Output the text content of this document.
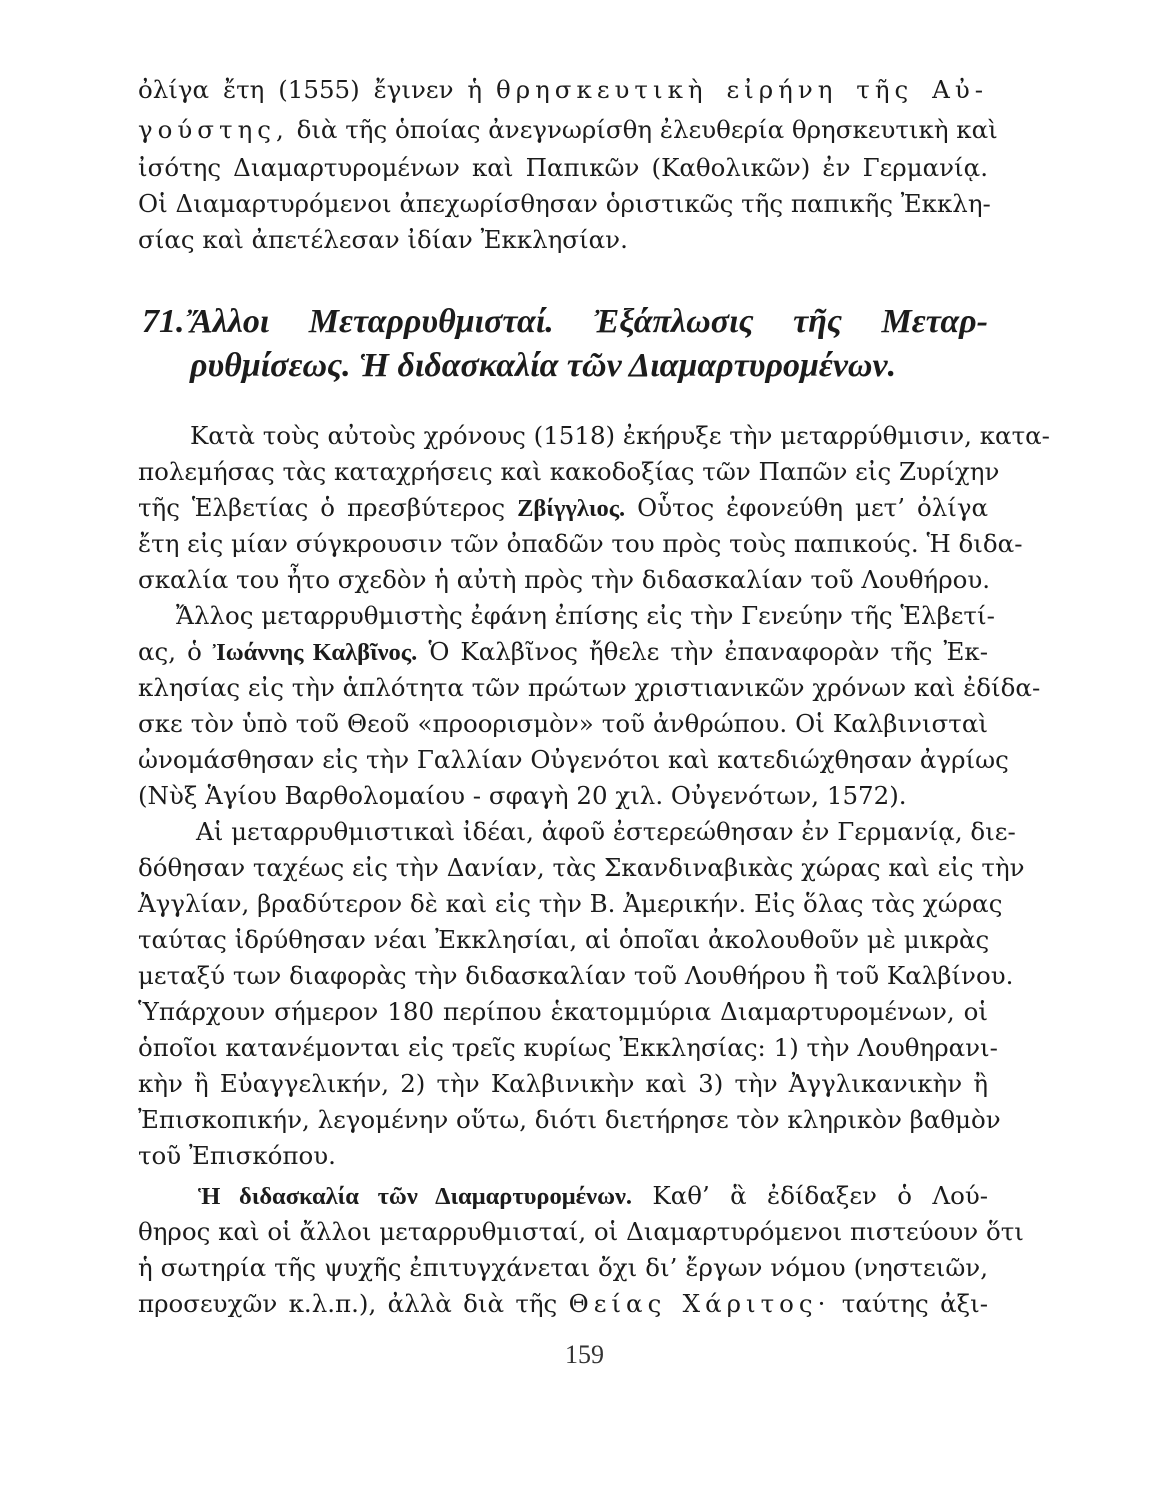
ὀλίγα ἔτη (1555) ἔγινεν ἡ θρησκευτικὴ εἰρήνη τῆς Αὐ-
γούστης, διὰ τῆς ὁποίας ἀνεγνωρίσθη ἐλευθερία θρησκευτικὴ καὶ
ἰσότης Διαμαρτυρομένων καὶ Παπικῶν (Καθολικῶν) ἐν Γερμανίᾳ.
Οἱ Διαμαρτυρόμενοι ἀπεχωρίσθησαν ὁριστικῶς τῆς παπικῆς Ἐκκλη-
σίας καὶ ἀπετέλεσαν ἰδίαν Ἐκκλησίαν.
71. Ἄλλοι Μεταρρυθμισταί. Ἐξάπλωσις τῆς Μεταρ-
ρυθμίσεως. Ἡ διδασκαλία τῶν Διαμαρτυρομένων.
Κατὰ τοὺς αὐτοὺς χρόνους (1518) ἐκήρυξε τὴν μεταρρύθμισιν, κατα-
πολεμήσας τὰς καταχρήσεις καὶ κακοδοξίας τῶν Παπῶν εἰς Ζυρίχην
τῆς Ἑλβετίας ὁ πρεσβύτερος Ζβίγγλιος. Οὗτος ἐφονεύθη μετ’ ὀλίγα
ἔτη εἰς μίαν σύγκρουσιν τῶν ὀπαδῶν του πρὸς τοὺς παπικούς. Ἡ διδα-
σκαλία του ἦτο σχεδὸν ἡ αὐτὴ πρὸς τὴν διδασκαλίαν τοῦ Λουθήρου.
Ἄλλος μεταρρυθμιστὴς ἐφάνη ἐπίσης εἰς τὴν Γενεύην τῆς Ἑλβετί-
ας, ὁ Ἰωάννης Καλβῖνος. Ὁ Καλβῖνος ἤθελε τὴν ἐπαναφορὰν τῆς Ἐκ-
κλησίας εἰς τὴν ἁπλότητα τῶν πρώτων χριστιανικῶν χρόνων καὶ ἐδίδα-
σκε τὸν ὑπὸ τοῦ Θεοῦ «προορισμὸν» τοῦ ἀνθρώπου. Οἱ Καλβινισταὶ
ὠνομάσθησαν εἰς τὴν Γαλλίαν Οὐγενότοι καὶ κατεδιώχθησαν ἀγρίως
(Νὺξ Ἁγίου Βαρθολομαίου - σφαγὴ 20 χιλ. Οὐγενότων, 1572).
Αἱ μεταρρυθμιστικαὶ ἰδέαι, ἀφοῦ ἐστερεώθησαν ἐν Γερμανίᾳ, διε-
δόθησαν ταχέως εἰς τὴν Δανίαν, τὰς Σκανδιναβικὰς χώρας καὶ εἰς τὴν
Ἀγγλίαν, βραδύτερον δὲ καὶ εἰς τὴν Β. Ἀμερικήν. Εἰς ὅλας τὰς χώρας
ταύτας ἱδρύθησαν νέαι Ἐκκλησίαι, αἱ ὁποῖαι ἀκολουθοῦν μὲ μικρὰς
μεταξύ των διαφορὰς τὴν διδασκαλίαν τοῦ Λουθήρου ἢ τοῦ Καλβίνου.
Ὑπάρχουν σήμερον 180 περίπου ἑκατομμύρια Διαμαρτυρομένων, οἱ
ὁποῖοι κατανέμονται εἰς τρεῖς κυρίως Ἐκκλησίας: 1) τὴν Λουθηρανι-
κὴν ἢ Εὐαγγελικήν, 2) τὴν Καλβινικὴν καὶ 3) τὴν Ἀγγλικανικὴν ἢ
Ἐπισκοπικήν, λεγομένην οὕτω, διότι διετήρησε τὸν κληρικὸν βαθμὸν
τοῦ Ἐπισκόπου.
Ἡ διδασκαλία τῶν Διαμαρτυρομένων. Καθ’ ἃ ἐδίδαξεν ὁ Λού-
θηρος καὶ οἱ ἄλλοι μεταρρυθμισταί, οἱ Διαμαρτυρόμενοι πιστεύουν ὅτι
ἡ σωτηρία τῆς ψυχῆς ἐπιτυγχάνεται ὄχι δι’ ἔργων νόμου (νηστειῶν,
προσευχῶν κ.λ.π.), ἀλλὰ διὰ τῆς Θείας Χάριτος· ταύτης ἀξι-
159
